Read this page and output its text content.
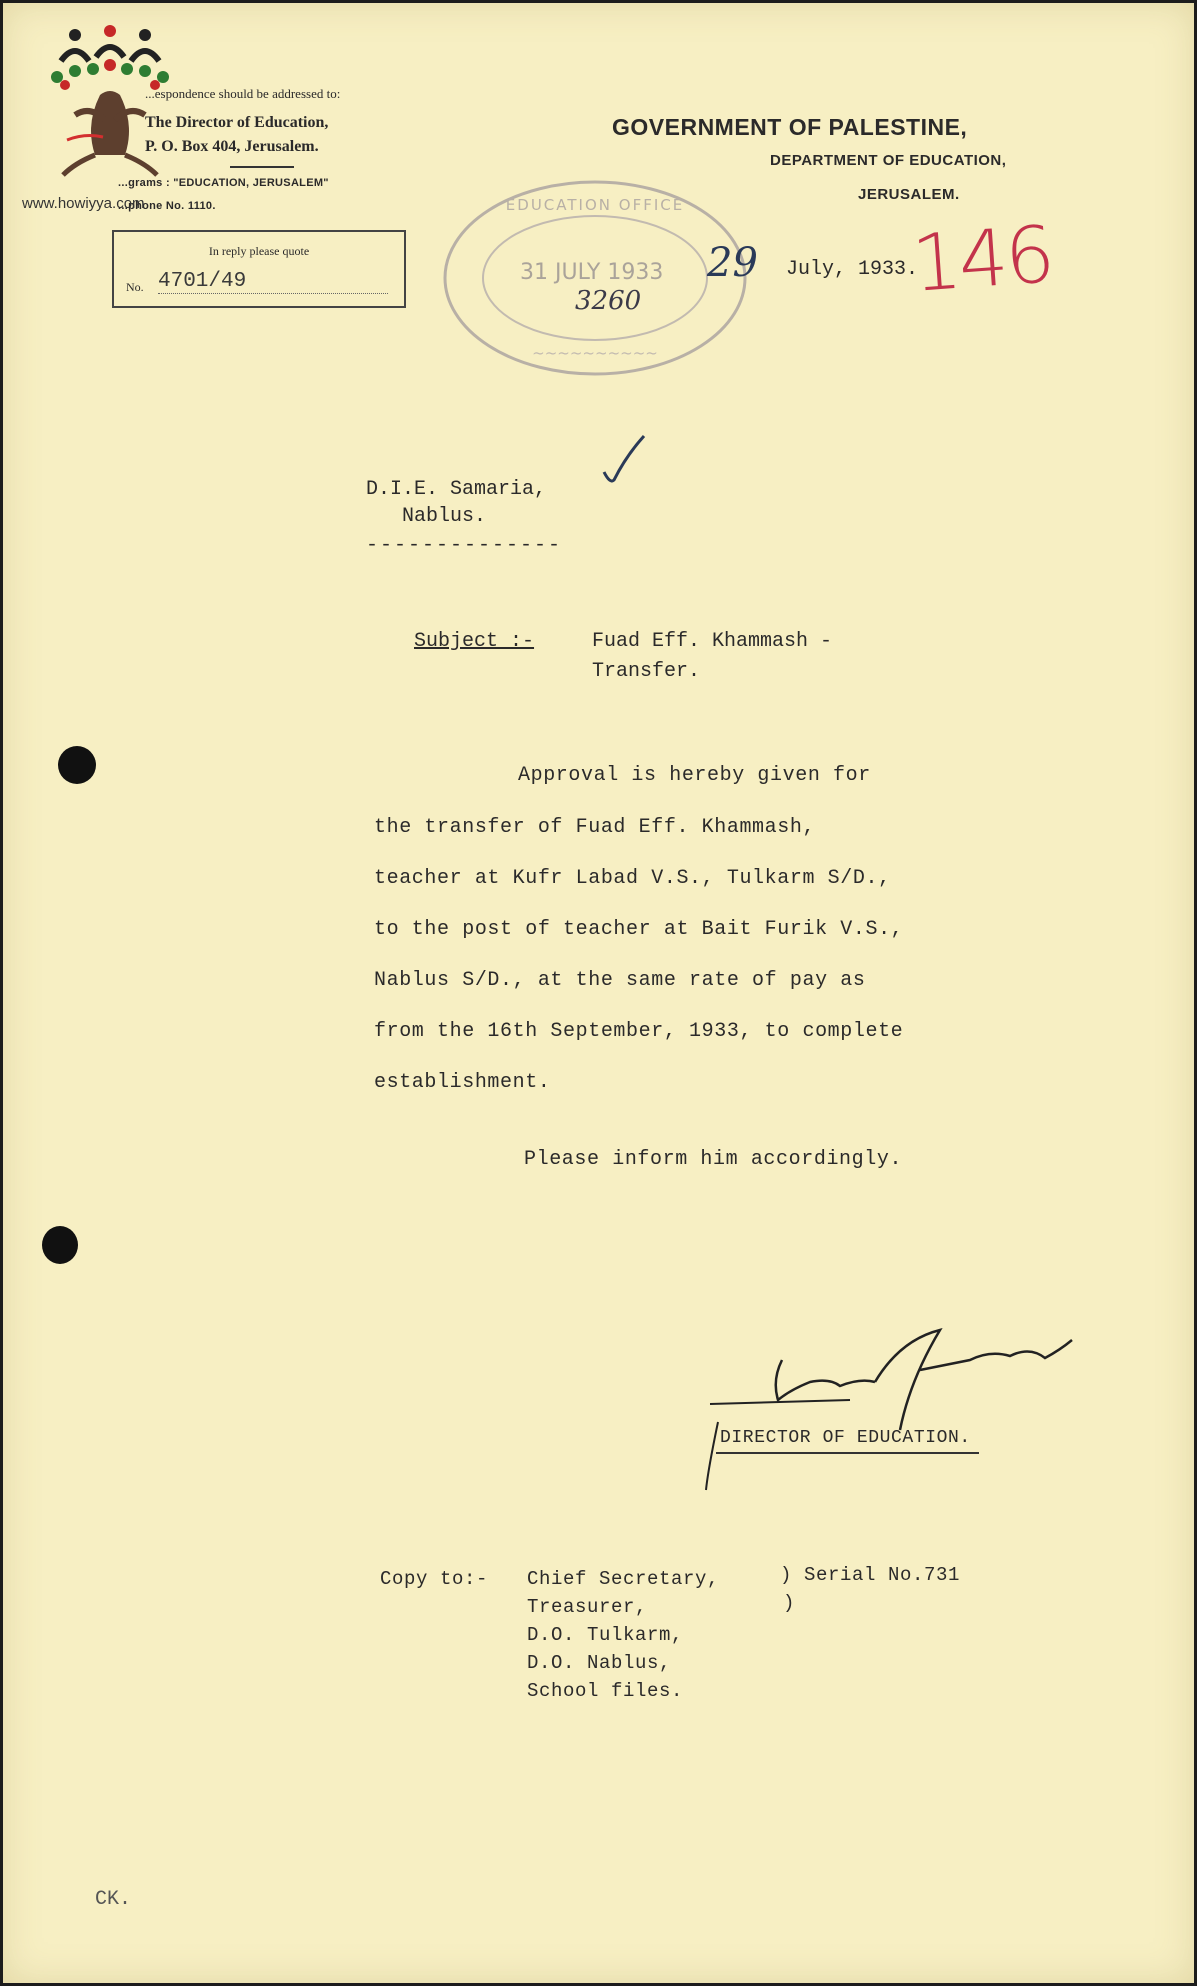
...espondence should be addressed to:
The Director of Education,
P. O. Box 404, Jerusalem.
...grams : "EDUCATION, JERUSALEM"
...phone No. 1110.
www.howiyya.com
In reply please quote
No. 4701/49
GOVERNMENT OF PALESTINE,
DEPARTMENT OF EDUCATION,
JERUSALEM.
EDUCATION OFFICE
~~~~~~~~~~
31 JULY 1933
3260
29 July, 1933.
146
D.I.E. Samaria,
Nablus.
--------------
Subject :-	Fuad Eff. Khammash -
Transfer.
Approval is hereby given for
the transfer of Fuad Eff. Khammash,
teacher at Kufr Labad V.S., Tulkarm S/D.,
to the post of teacher at Bait Furik V.S.,
Nablus S/D., at the same rate of pay as
from the 16th September, 1933, to complete
establishment.
Please inform him accordingly.
DIRECTOR OF EDUCATION.
Copy to:- Chief Secretary,
Treasurer,
D.O. Tulkarm,
D.O. Nablus,
School files.
) Serial No.731
)
CK.
